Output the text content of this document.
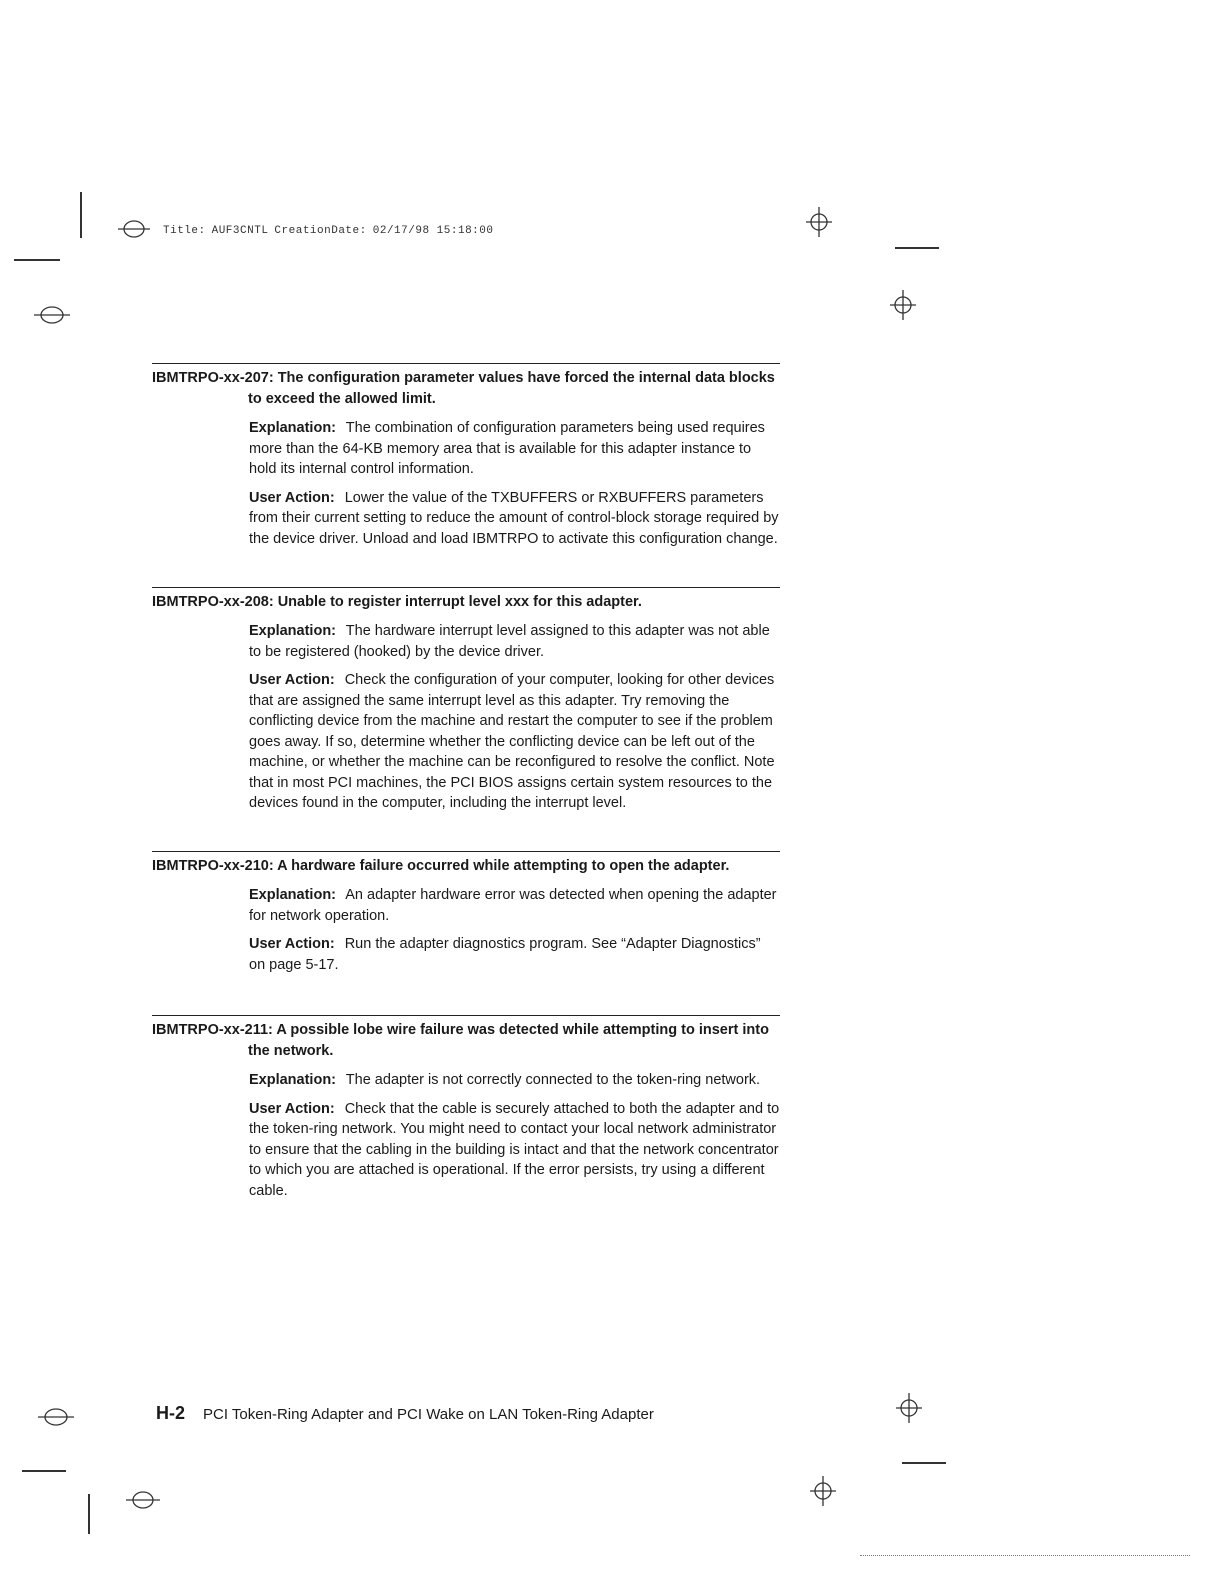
Title: AUF3CNTL CreationDate: 02/17/98 15:18:00

IBMTRPO-xx-207: The configuration parameter values have forced the internal data blocks to exceed the allowed limit.

Explanation: The combination of configuration parameters being used requires more than the 64-KB memory area that is available for this adapter instance to hold its internal control information.

User Action: Lower the value of the TXBUFFERS or RXBUFFERS parameters from their current setting to reduce the amount of control-block storage required by the device driver. Unload and load IBMTRPO to activate this configuration change.

IBMTRPO-xx-208: Unable to register interrupt level xxx for this adapter.

Explanation: The hardware interrupt level assigned to this adapter was not able to be registered (hooked) by the device driver.

User Action: Check the configuration of your computer, looking for other devices that are assigned the same interrupt level as this adapter. Try removing the conflicting device from the machine and restart the computer to see if the problem goes away. If so, determine whether the conflicting device can be left out of the machine, or whether the machine can be reconfigured to resolve the conflict. Note that in most PCI machines, the PCI BIOS assigns certain system resources to the devices found in the computer, including the interrupt level.

IBMTRPO-xx-210: A hardware failure occurred while attempting to open the adapter.

Explanation: An adapter hardware error was detected when opening the adapter for network operation.

User Action: Run the adapter diagnostics program. See “Adapter Diagnostics” on page 5-17.

IBMTRPO-xx-211: A possible lobe wire failure was detected while attempting to insert into the network.

Explanation: The adapter is not correctly connected to the token-ring network.

User Action: Check that the cable is securely attached to both the adapter and to the token-ring network. You might need to contact your local network administrator to ensure that the cabling in the building is intact and that the network concentrator to which you are attached is operational. If the error persists, try using a different cable.

H-2 PCI Token-Ring Adapter and PCI Wake on LAN Token-Ring Adapter
